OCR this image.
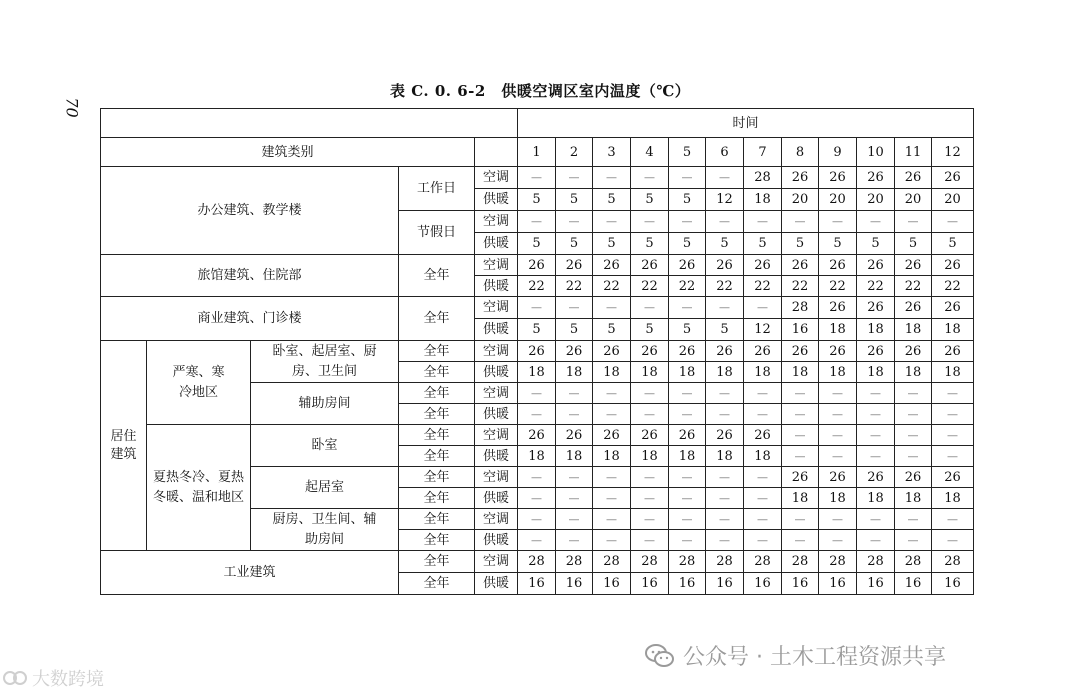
70
表 C. 0. 6-2　供暖空调区室内温度（℃）
					时间											
建筑类别					1	2	3	4	5	6	7	8	9	10	11	12
办公建筑、教学楼			工作日	空调	—	—	—	—	—	—	28	26	26	26	26	26
				供暖	5	5	5	5	5	12	18	20	20	20	20	20
			节假日	空调	—	—	—	—	—	—	—	—	—	—	—	—
				供暖	5	5	5	5	5	5	5	5	5	5	5	5
旅馆建筑、住院部			全年	空调	26	26	26	26	26	26	26	26	26	26	26	26
				供暖	22	22	22	22	22	22	22	22	22	22	22	22
商业建筑、门诊楼			全年	空调	—	—	—	—	—	—	—	28	26	26	26	26
				供暖	5	5	5	5	5	5	12	16	18	18	18	18
居住建筑	严寒、寒冷地区	卧室、起居室、厨房、卫生间	全年	空调	26	26	26	26	26	26	26	26	26	26	26	26
			全年	供暖	18	18	18	18	18	18	18	18	18	18	18	18
		辅助房间	全年	空调	—	—	—	—	—	—	—	—	—	—	—	—
			全年	供暖	—	—	—	—	—	—	—	—	—	—	—	—
	夏热冬冷、夏热冬暖、温和地区	卧室	全年	空调	26	26	26	26	26	26	26	—	—	—	—	—
			全年	供暖	18	18	18	18	18	18	18	—	—	—	—	—
		起居室	全年	空调	—	—	—	—	—	—	—	26	26	26	26	26
			全年	供暖	—	—	—	—	—	—	—	18	18	18	18	18
		厨房、卫生间、辅助房间	全年	空调	—	—	—	—	—	—	—	—	—	—	—	—
			全年	供暖	—	—	—	—	—	—	—	—	—	—	—	—
工业建筑			全年	空调	28	28	28	28	28	28	28	28	28	28	28	28
			全年	供暖	16	16	16	16	16	16	16	16	16	16	16	16
公众号 · 土木工程资源共享
大数跨境
